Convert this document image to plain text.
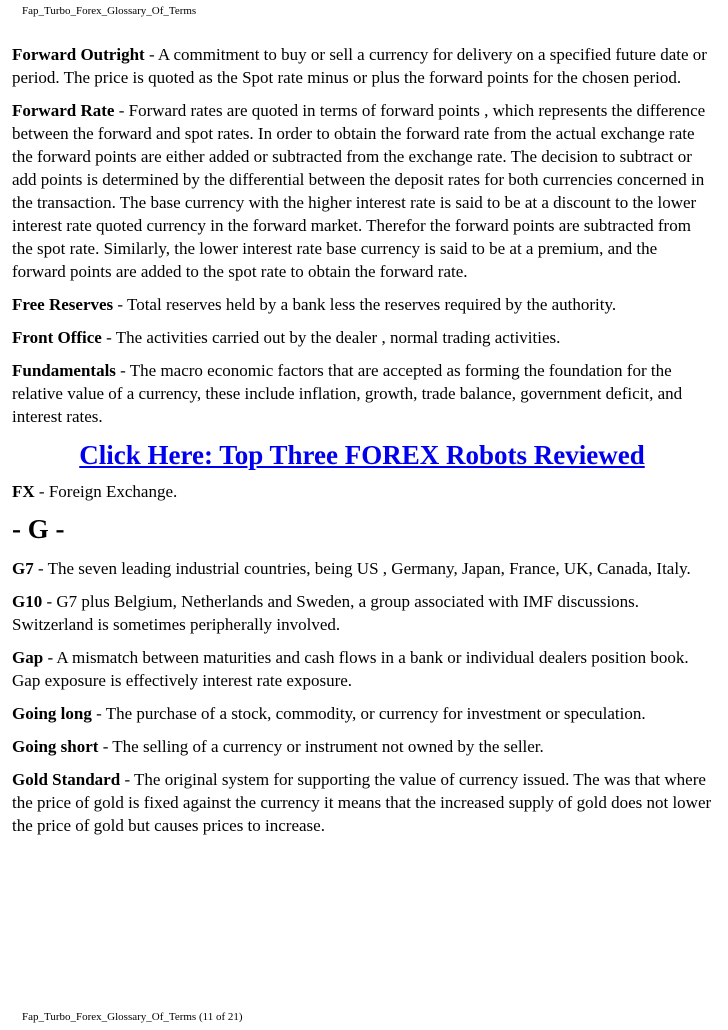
Fap_Turbo_Forex_Glossary_Of_Terms

Forward Outright - A commitment to buy or sell a currency for delivery on a specified future date or period. The price is quoted as the Spot rate minus or plus the forward points for the chosen period.

Forward Rate - Forward rates are quoted in terms of forward points , which represents the difference between the forward and spot rates. In order to obtain the forward rate from the actual exchange rate the forward points are either added or subtracted from the exchange rate. The decision to subtract or add points is determined by the differential between the deposit rates for both currencies concerned in the transaction. The base currency with the higher interest rate is said to be at a discount to the lower interest rate quoted currency in the forward market. Therefor the forward points are subtracted from the spot rate. Similarly, the lower interest rate base currency is said to be at a premium, and the forward points are added to the spot rate to obtain the forward rate.

Free Reserves - Total reserves held by a bank less the reserves required by the authority.

Front Office - The activities carried out by the dealer , normal trading activities.

Fundamentals - The macro economic factors that are accepted as forming the foundation for the relative value of a currency, these include inflation, growth, trade balance, government deficit, and interest rates.

Click Here: Top Three FOREX Robots Reviewed

FX - Foreign Exchange.

- G -

G7 - The seven leading industrial countries, being US , Germany, Japan, France, UK, Canada, Italy.

G10 - G7 plus Belgium, Netherlands and Sweden, a group associated with IMF discussions. Switzerland is sometimes peripherally involved.

Gap - A mismatch between maturities and cash flows in a bank or individual dealers position book. Gap exposure is effectively interest rate exposure.

Going long - The purchase of a stock, commodity, or currency for investment or speculation.

Going short - The selling of a currency or instrument not owned by the seller.

Gold Standard - The original system for supporting the value of currency issued. The was that where the price of gold is fixed against the currency it means that the increased supply of gold does not lower the price of gold but causes prices to increase.

Fap_Turbo_Forex_Glossary_Of_Terms (11 of 21)
